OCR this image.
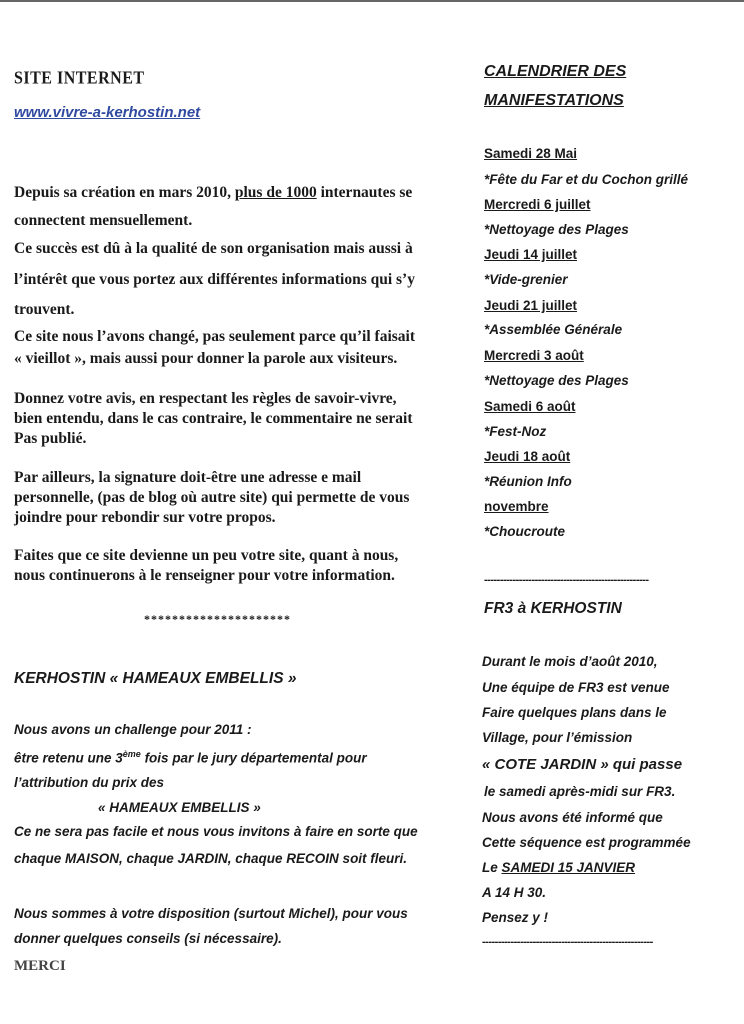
SITE INTERNET
www.vivre-a-kerhostin.net
Depuis sa création en mars 2010, plus de 1000 internautes se
connectent mensuellement.
Ce succès est dû à la qualité de son organisation mais aussi à
l’intérêt que vous portez aux différentes informations qui s’y
trouvent.
Ce site nous l’avons changé, pas seulement parce qu’il faisait
« vieillot », mais aussi pour donner la parole aux visiteurs.
Donnez votre avis, en respectant les règles de savoir-vivre,
bien entendu, dans le cas contraire, le commentaire ne serait
Pas publié.
Par ailleurs, la signature doit-être une adresse e mail
personnelle, (pas de blog où autre site) qui permette de vous
joindre pour rebondir sur votre propos.
Faites que ce site devienne un peu votre site, quant à nous,
nous continuerons à le renseigner pour votre information.
*********************
KERHOSTIN « HAMEAUX EMBELLIS »
Nous avons un challenge pour 2011 :
être retenu une 3ème fois par le jury départemental pour
l’attribution du prix des
« HAMEAUX EMBELLIS »
Ce ne sera pas facile et nous vous invitons à faire en sorte que
chaque MAISON, chaque JARDIN, chaque RECOIN soit fleuri.
Nous sommes à votre disposition (surtout Michel), pour vous
donner quelques conseils (si nécessaire).
MERCI
CALENDRIER DES
MANIFESTATIONS
Samedi 28 Mai
*Fête du Far et du Cochon grillé
Mercredi 6 juillet
*Nettoyage des Plages
Jeudi 14 juillet
*Vide-grenier
Jeudi 21 juillet
*Assemblée Générale
Mercredi 3 août
*Nettoyage des Plages
Samedi 6 août
*Fest-Noz
Jeudi 18 août
*Réunion Info
novembre
*Choucroute
----------------------------------------------------
FR3 à KERHOSTIN
Durant le mois d’août 2010,
Une équipe de FR3 est venue
Faire quelques plans dans le
Village, pour l’émission
« COTE JARDIN » qui passe
le samedi après-midi sur FR3.
Nous avons été informé que
Cette séquence est programmée
Le SAMEDI 15 JANVIER
A 14 H 30.
Pensez y !
------------------------------------------------------
